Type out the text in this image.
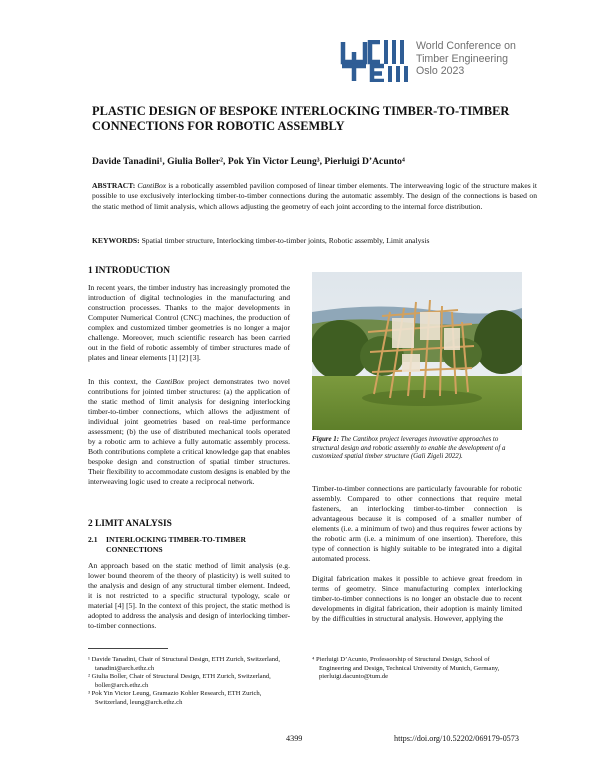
World Conference on
Timber Engineering
Oslo 2023
PLASTIC DESIGN OF BESPOKE INTERLOCKING TIMBER-TO-TIMBER CONNECTIONS FOR ROBOTIC ASSEMBLY
Davide Tanadini¹, Giulia Boller², Pok Yin Victor Leung³, Pierluigi D’Acunto⁴
ABSTRACT: CantiBox is a robotically assembled pavilion composed of linear timber elements. The interweaving logic of the structure makes it possible to use exclusively interlocking timber-to-timber connections during the automatic assembly. The design of the connections is based on the static method of limit analysis, which allows adjusting the geometry of each joint according to the internal force distribution.
KEYWORDS: Spatial timber structure, Interlocking timber-to-timber joints, Robotic assembly, Limit analysis
1 INTRODUCTION
In recent years, the timber industry has increasingly promoted the introduction of digital technologies in the manufacturing and construction processes. Thanks to the major developments in Computer Numerical Control (CNC) machines, the production of complex and customized timber geometries is no longer a major challenge. Moreover, much scientific research has been carried out in the field of robotic assembly of timber structures made of plates and linear elements [1] [2] [3].
In this context, the CantiBox project demonstrates two novel contributions for jointed timber structures: (a) the application of the static method of limit analysis for designing interlocking timber-to-timber connections, which allows the adjustment of individual joint geometries based on real-time performance assessment; (b) the use of distributed mechanical tools operated by a robotic arm to achieve a fully automatic assembly process. Both contributions complete a critical knowledge gap that enables bespoke design and construction of spatial timber structures. Their flexibility to accommodate custom designs is enabled by the interweaving logic used to create a reciprocal network.
2 LIMIT ANALYSIS
2.1 INTERLOCKING TIMBER-TO-TIMBER CONNECTIONS
An approach based on the static method of limit analysis (e.g. lower bound theorem of the theory of plasticity) is well suited to the analysis and design of any structural timber element. Indeed, it is not restricted to a specific structural typology, scale or material [4] [5]. In the context of this project, the static method is adopted to address the analysis and design of interlocking timber-to-timber connections.
Figure 1: The Cantibox project leverages innovative approaches to structural design and robotic assembly to enable the development of a customized spatial timber structure (Gali Zigeli 2022).
Timber-to-timber connections are particularly favourable for robotic assembly. Compared to other connections that require metal fasteners, an interlocking timber-to-timber connection is advantageous because it is composed of a smaller number of elements (i.e. a minimum of two) and thus requires fewer actions by the robotic arm (i.e. a minimum of one insertion). Therefore, this type of connection is highly suitable to be integrated into a digital automated process.
Digital fabrication makes it possible to achieve great freedom in terms of geometry. Since manufacturing complex interlocking timber-to-timber connections is no longer an obstacle due to recent developments in digital fabrication, their adoption is mainly limited by the difficulties in structural analysis. However, applying the

¹ Davide Tanadini, Chair of Structural Design, ETH Zurich, Switzerland, tanadini@arch.ethz.ch

² Giulia Boller, Chair of Structural Design, ETH Zurich, Switzerland, boller@arch.ethz.ch

³ Pok Yin Victor Leung, Gramazio Kohler Research, ETH Zurich, Switzerland, leung@arch.ethz.ch

⁴ Pierluigi D’Acunto, Professorship of Structural Design, School of Engineering and Design, Technical University of Munich, Germany, pierluigi.dacunto@tum.de

4399	https://doi.org/10.52202/069179-0573
